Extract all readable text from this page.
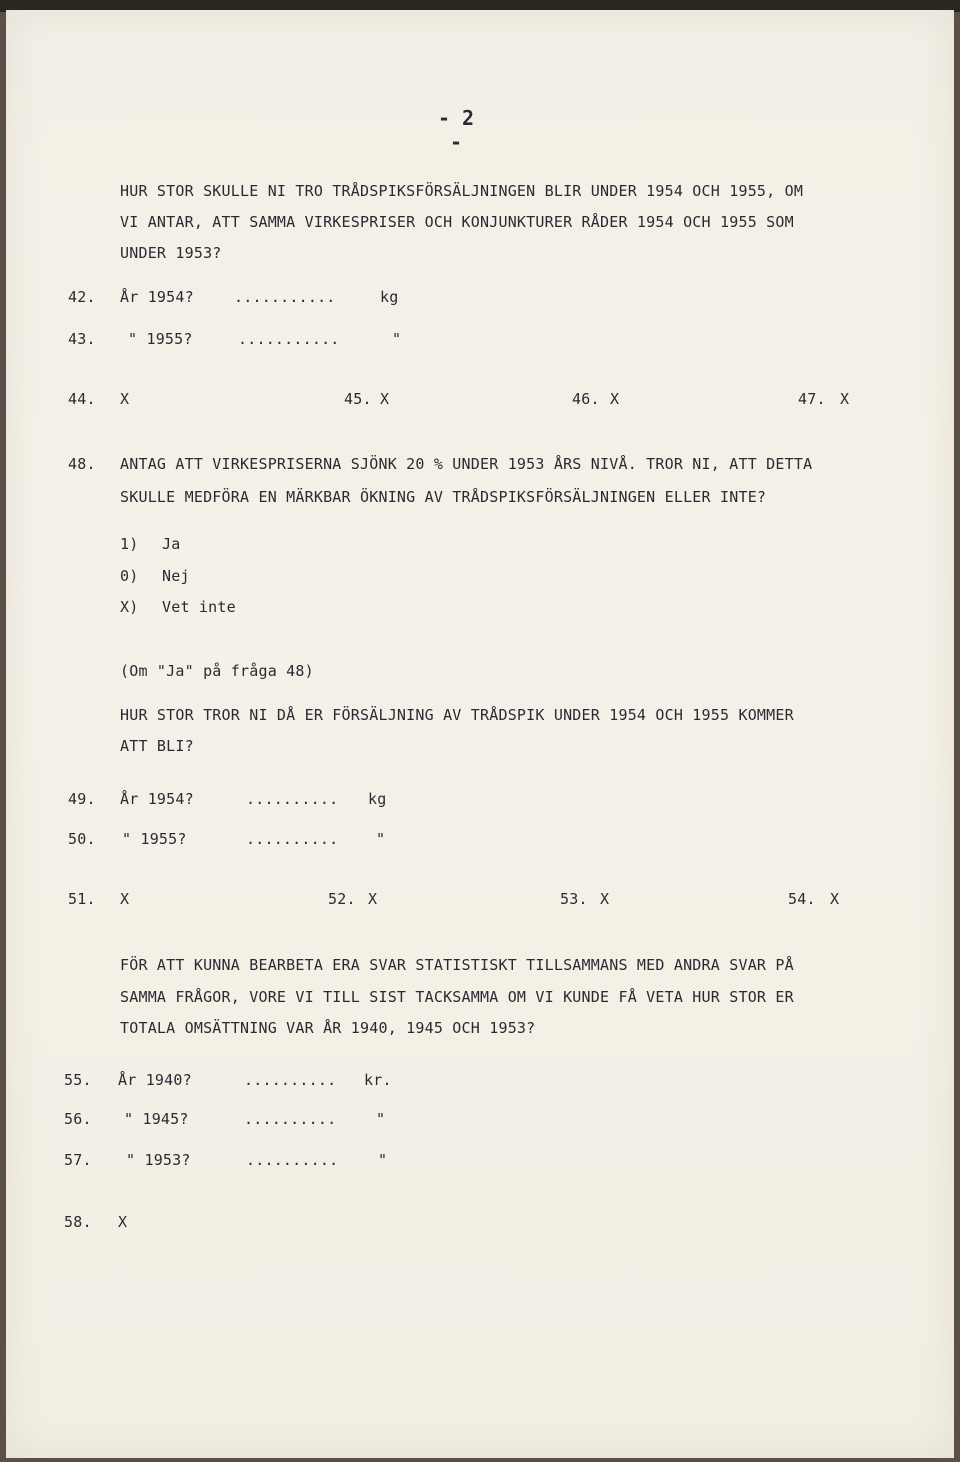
- 2 -
HUR STOR SKULLE NI TRO TRÅDSPIKSFÖRSÄLJNINGEN BLIR UNDER 1954 OCH 1955, OM
VI ANTAR, ATT SAMMA VIRKESPRISER OCH KONJUNKTURER RÅDER 1954 OCH 1955 SOM
UNDER 1953?
42. År 1954?	...........	kg
43. " 1955?	...........	"
44. X	45. X	46. X	47. X
48. ANTAG ATT VIRKESPRISERNA SJÖNK 20 % UNDER 1953 ÅRS NIVÅ. TROR NI, ATT DETTA
SKULLE MEDFÖRA EN MÄRKBAR ÖKNING AV TRÅDSPIKSFÖRSÄLJNINGEN ELLER INTE?
1) Ja
0) Nej
X) Vet inte
(Om "Ja" på fråga 48)
HUR STOR TROR NI DÅ ER FÖRSÄLJNING AV TRÅDSPIK UNDER 1954 OCH 1955 KOMMER
ATT BLI?
49. År 1954?	.......... kg
50. " 1955?	..........	"
51. X	52. X	53. X	54. X
FÖR ATT KUNNA BEARBETA ERA SVAR STATISTISKT TILLSAMMANS MED ANDRA SVAR PÅ
SAMMA FRÅGOR, VORE VI TILL SIST TACKSAMMA OM VI KUNDE FÅ VETA HUR STOR ER
TOTALA OMSÄTTNING VAR ÅR 1940, 1945 OCH 1953?
55. År 1940?	.......... kr.
56. " 1945?	..........	"
57. " 1953?	..........	"
58. X
